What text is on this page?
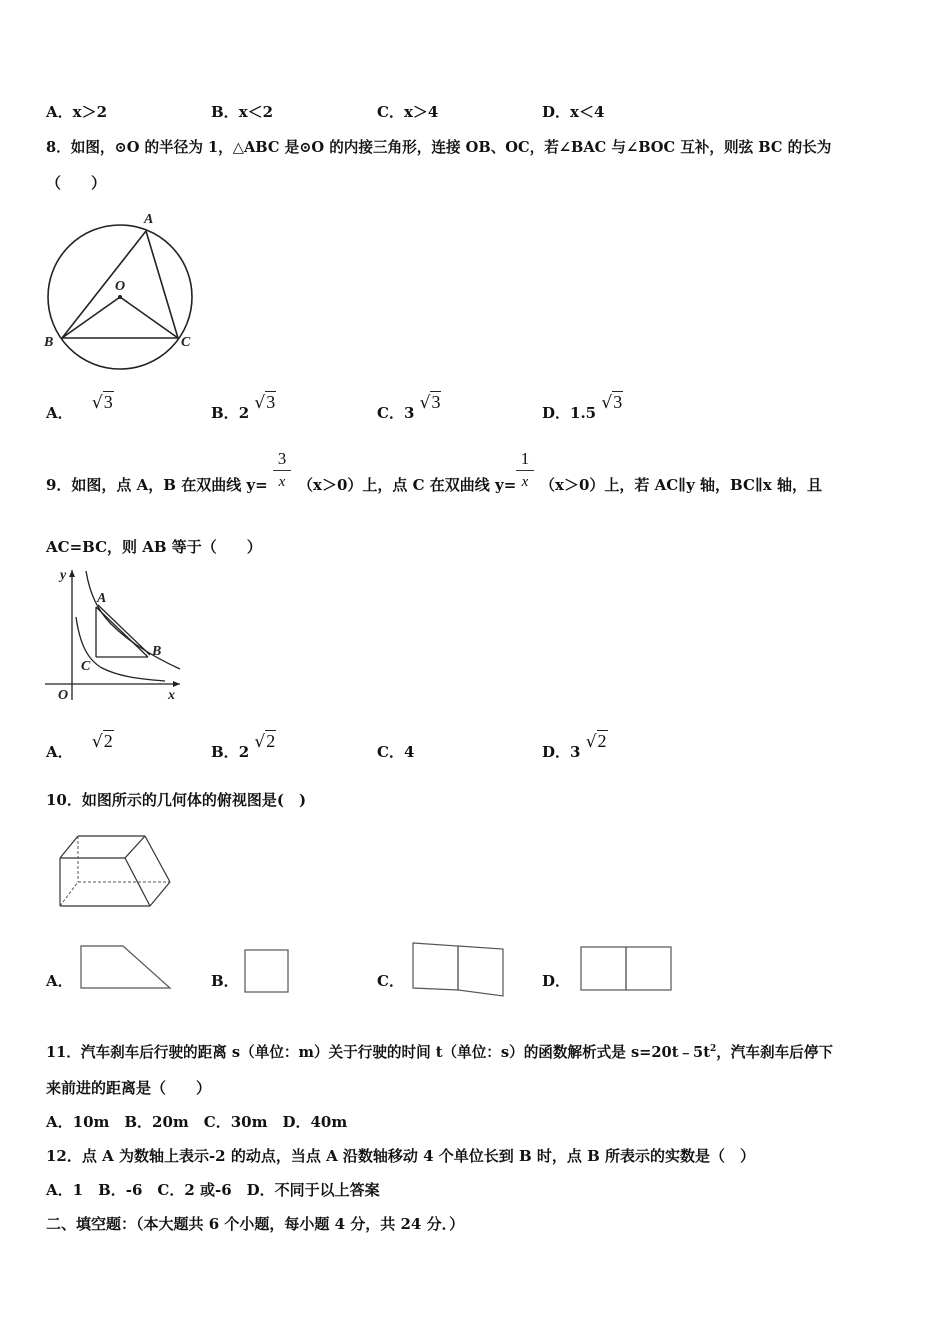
A．x＞2	B．x＜2	C．x＞4	D．x＜4
8．如图，⊙O 的半径为 1，△ABC 是⊙O 的内接三角形，连接 OB、OC，若∠BAC 与∠BOC 互补，则弦 BC 的长为
（　　）
A
O
B	C
A． √3
B．2 √3
C．3 √3
D．1.5 √3
9．如图，点 A，B 在双曲线 y=
3
x （x＞0）上，点 C 在双曲线 y=
1
x （x＞0）上，若 AC∥y 轴，BC∥x 轴，且
AC=BC，则 AB 等于（　　）
y
A
B
C
O	x
A． √2
B．2 √2
C．4	D．3 √2
10．如图所示的几何体的俯视图是(　)
A．	B．	C．	D．
11．汽车刹车后行驶的距离 s（单位：m）关于行驶的时间 t（单位：s）的函数解析式是 $s=20t﹣5t^2$，汽车刹车后停下
来前进的距离是（　　）
A．10m　B．20m　C．30m　D．40m
12．点 A 为数轴上表示-2 的动点，当点 A 沿数轴移动 4 个单位长到 B 时，点 B 所表示的实数是（　）
A．1　B．-6　C．2 或-6　D．不同于以上答案
二、填空题：（本大题共 6 个小题，每小题 4 分，共 24 分．）
